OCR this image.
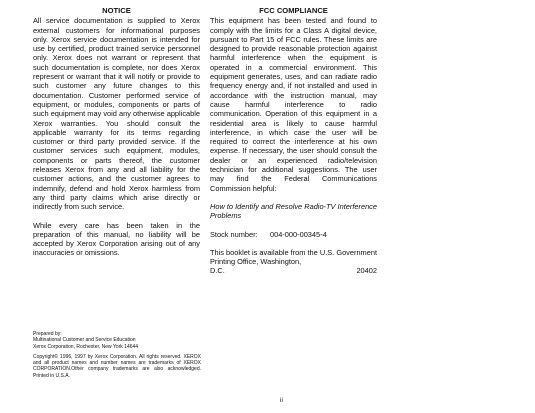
NOTICE

All service documentation is supplied to Xerox external customers for informational purposes only. Xerox service documentation is intended for use by certified, product trained service personnel only. Xerox does not warrant or represent that such documentation is complete, nor does Xerox represent or warrant that it will notify or provide to such customer any future changes to this documentation. Customer performed service of equipment, or modules, components or parts of such equipment may void any otherwise applicable Xerox warranties. You should consult the applicable warranty for its terms regarding customer or third party provided service. If the customer services such equipment, modules, components or parts thereof, the customer releases Xerox from any and all liability for the customer actions, and the customer agrees to indemnify, defend and hold Xerox harmless from any third party claims which arise directly or indirectly from such service.

While every care has been taken in the preparation of this manual, no liability will be accepted by Xerox Corporation arising out of any inaccuracies or omissions.

FCC COMPLIANCE

This equipment has been tested and found to comply with the limits for a Class A digital device, pursuant to Part 15 of FCC rules. These limits are designed to provide reasonable protection against harmful interference when the equipment is operated in a commercial environment. This equipment generates, uses, and can radiate radio frequency energy and, if not installed and used in accordance with the instruction manual, may cause harmful interference to radio communication. Operation of this equipment in a residential area is likely to cause harmful interference, in which case the user will be required to correct the interference at his own expense. If necessary, the user should consult the dealer or an experienced radio/television technician for additional suggestions. The user may find the Federal Communications Commission helpful:

How to Identify and Resolve Radio-TV Interference Problems

Stock number:	004-000-00345-4

This booklet is available from the U.S. Government Printing Office, Washington,

D.C.	20402

Prepared by:

Multinational Customer and Service Education

Xerox Corporation, Rochester, New York 14644

Copyright© 1996, 1997 by Xerox Corporation. All rights reserved. XEROX and all product names and number names are trademarks of XEROX CORPORATION.Other company trademarks are also acknowledged. Printed in U.S.A.

ii
